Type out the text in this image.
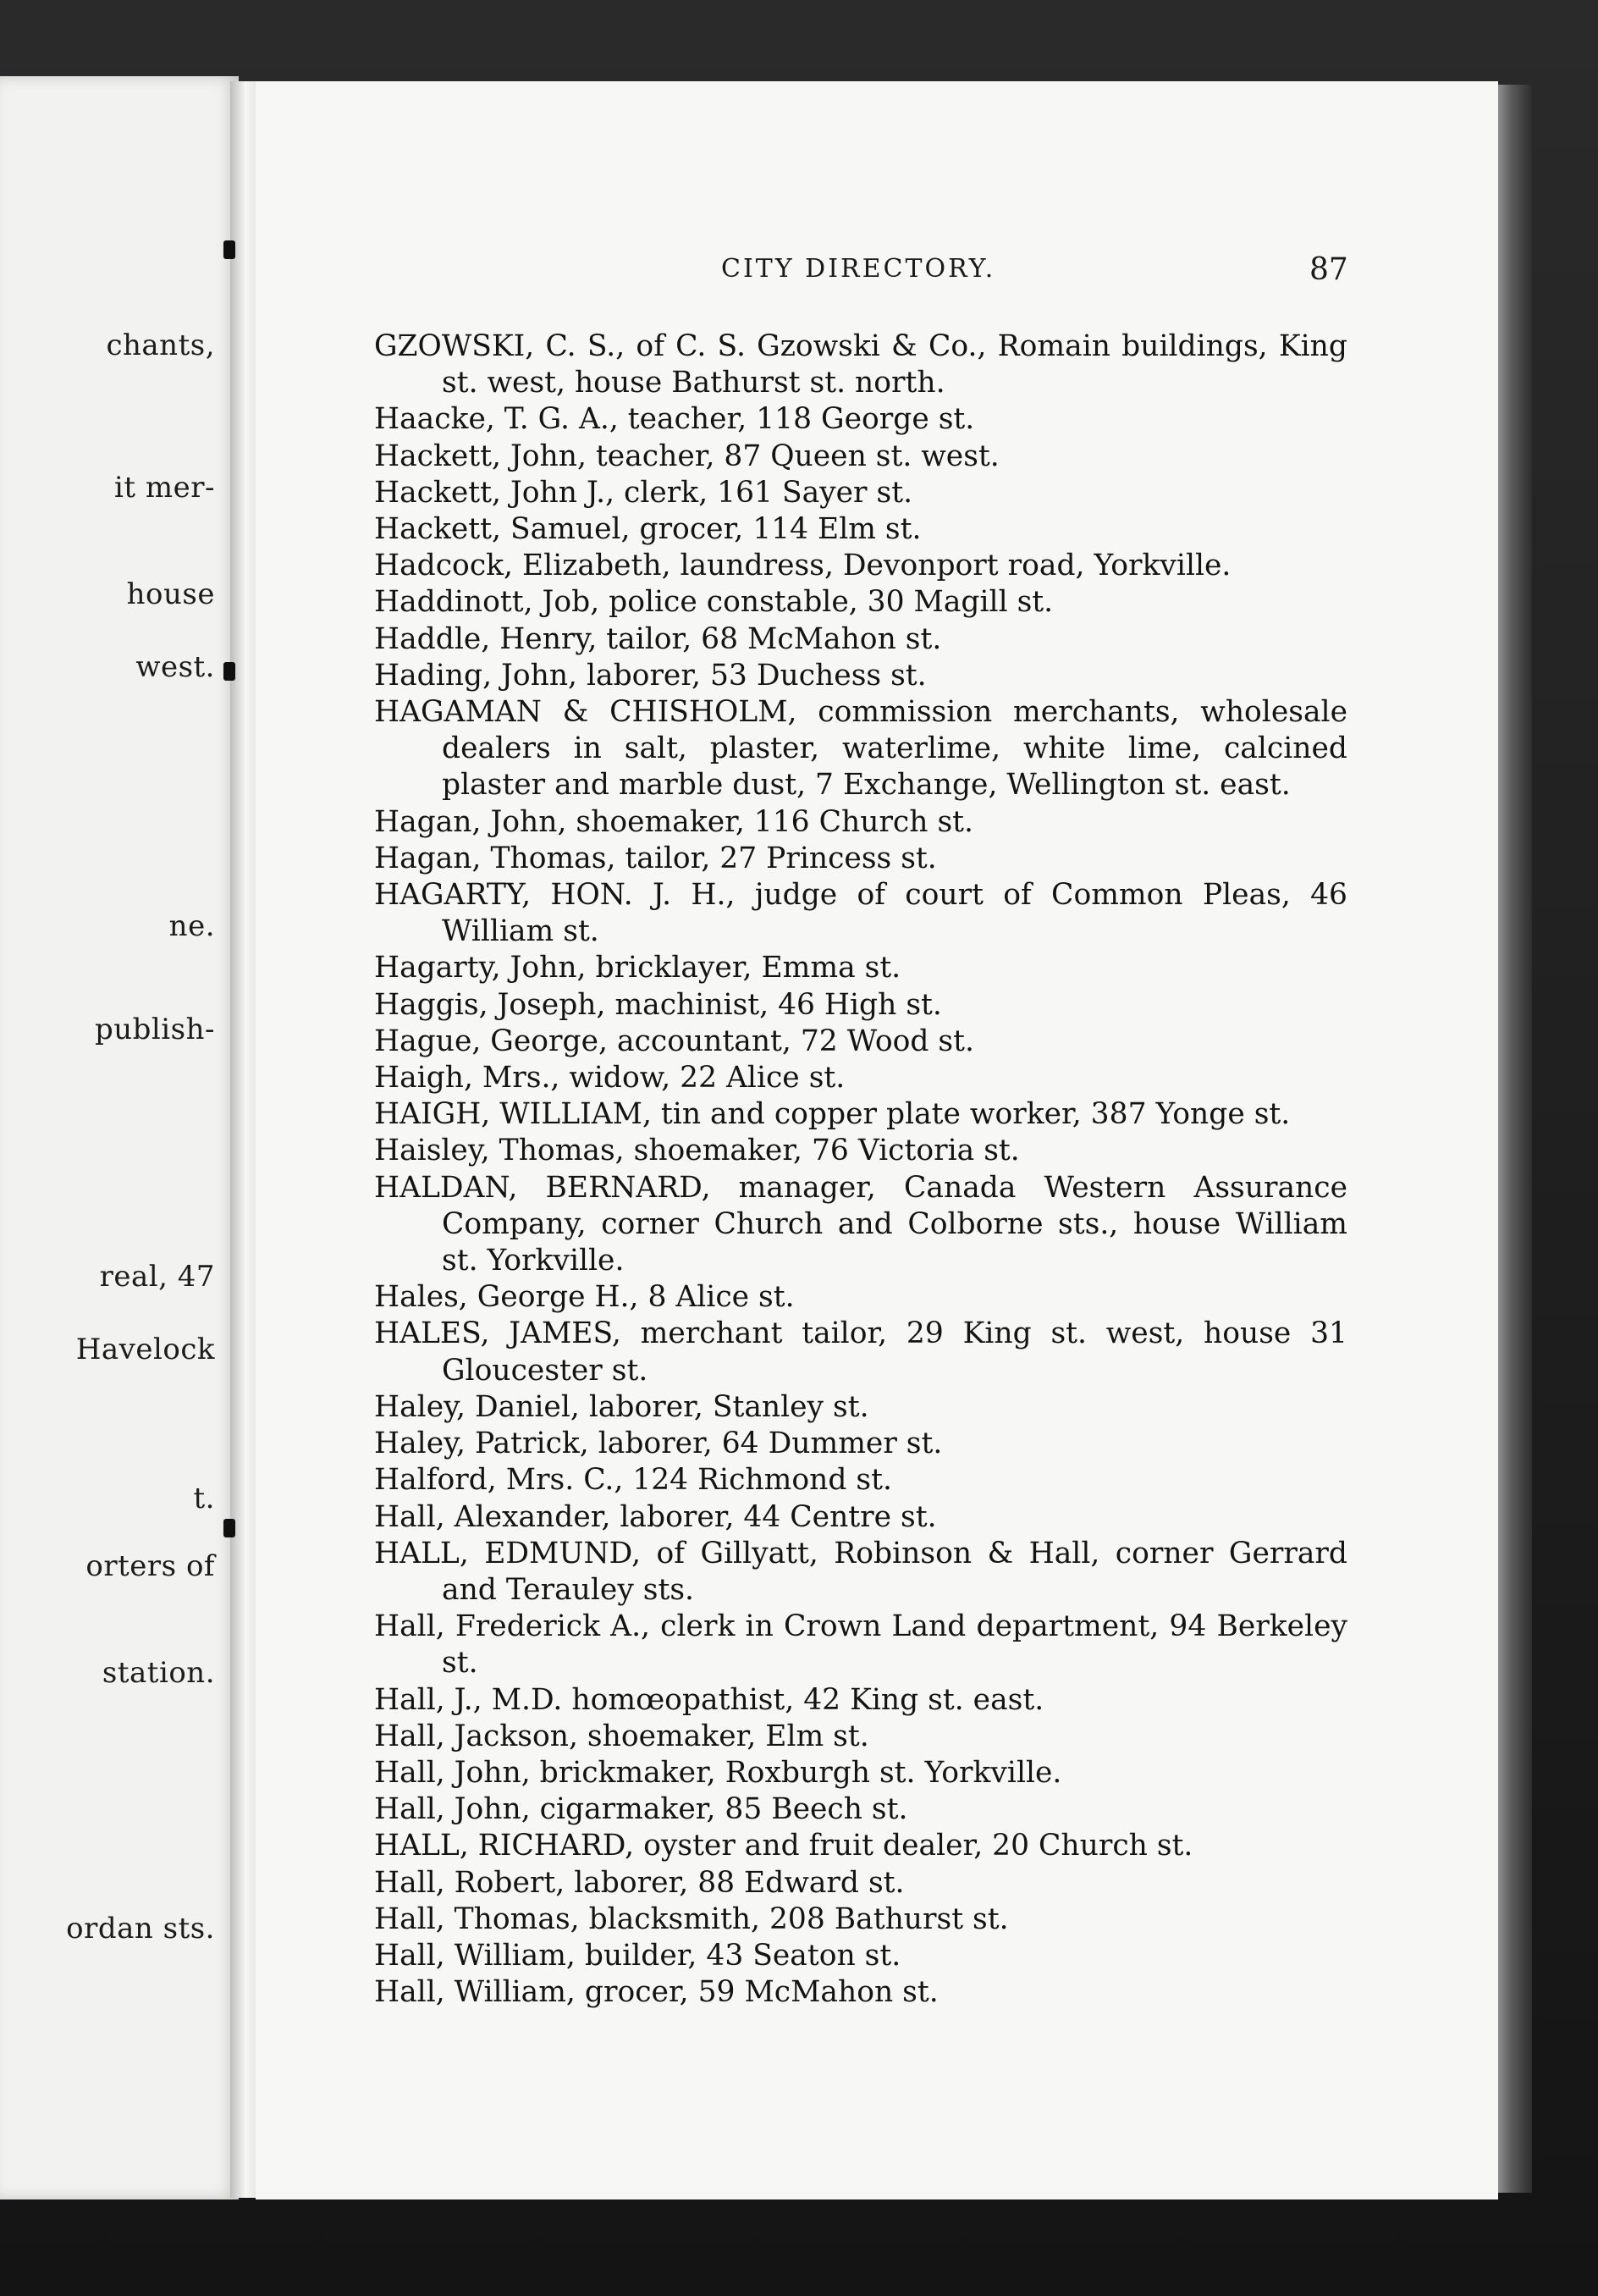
chants,
it mer-
house
west.
ne.
publish-
real, 47
Havelock
t.
orters of
station.
ordan sts.
CITY DIRECTORY.	87
GZOWSKI, C. S., of C. S. Gzowski & Co., Romain buildings, King st. west, house Bathurst st. north.
Haacke, T. G. A., teacher, 118 George st.
Hackett, John, teacher, 87 Queen st. west.
Hackett, John J., clerk, 161 Sayer st.
Hackett, Samuel, grocer, 114 Elm st.
Hadcock, Elizabeth, laundress, Devonport road, Yorkville.
Haddinott, Job, police constable, 30 Magill st.
Haddle, Henry, tailor, 68 McMahon st.
Hading, John, laborer, 53 Duchess st.
HAGAMAN & CHISHOLM, commission merchants, wholesale dealers in salt, plaster, waterlime, white lime, calcined plaster and marble dust, 7 Exchange, Wellington st. east.
Hagan, John, shoemaker, 116 Church st.
Hagan, Thomas, tailor, 27 Princess st.
HAGARTY, HON. J. H., judge of court of Common Pleas, 46 William st.
Hagarty, John, bricklayer, Emma st.
Haggis, Joseph, machinist, 46 High st.
Hague, George, accountant, 72 Wood st.
Haigh, Mrs., widow, 22 Alice st.
HAIGH, WILLIAM, tin and copper plate worker, 387 Yonge st.
Haisley, Thomas, shoemaker, 76 Victoria st.
HALDAN, BERNARD, manager, Canada Western Assurance Company, corner Church and Colborne sts., house William st. Yorkville.
Hales, George H., 8 Alice st.
HALES, JAMES, merchant tailor, 29 King st. west, house 31 Gloucester st.
Haley, Daniel, laborer, Stanley st.
Haley, Patrick, laborer, 64 Dummer st.
Halford, Mrs. C., 124 Richmond st.
Hall, Alexander, laborer, 44 Centre st.
HALL, EDMUND, of Gillyatt, Robinson & Hall, corner Gerrard and Terauley sts.
Hall, Frederick A., clerk in Crown Land department, 94 Berkeley st.
Hall, J., M.D. homœopathist, 42 King st. east.
Hall, Jackson, shoemaker, Elm st.
Hall, John, brickmaker, Roxburgh st. Yorkville.
Hall, John, cigarmaker, 85 Beech st.
HALL, RICHARD, oyster and fruit dealer, 20 Church st.
Hall, Robert, laborer, 88 Edward st.
Hall, Thomas, blacksmith, 208 Bathurst st.
Hall, William, builder, 43 Seaton st.
Hall, William, grocer, 59 McMahon st.
